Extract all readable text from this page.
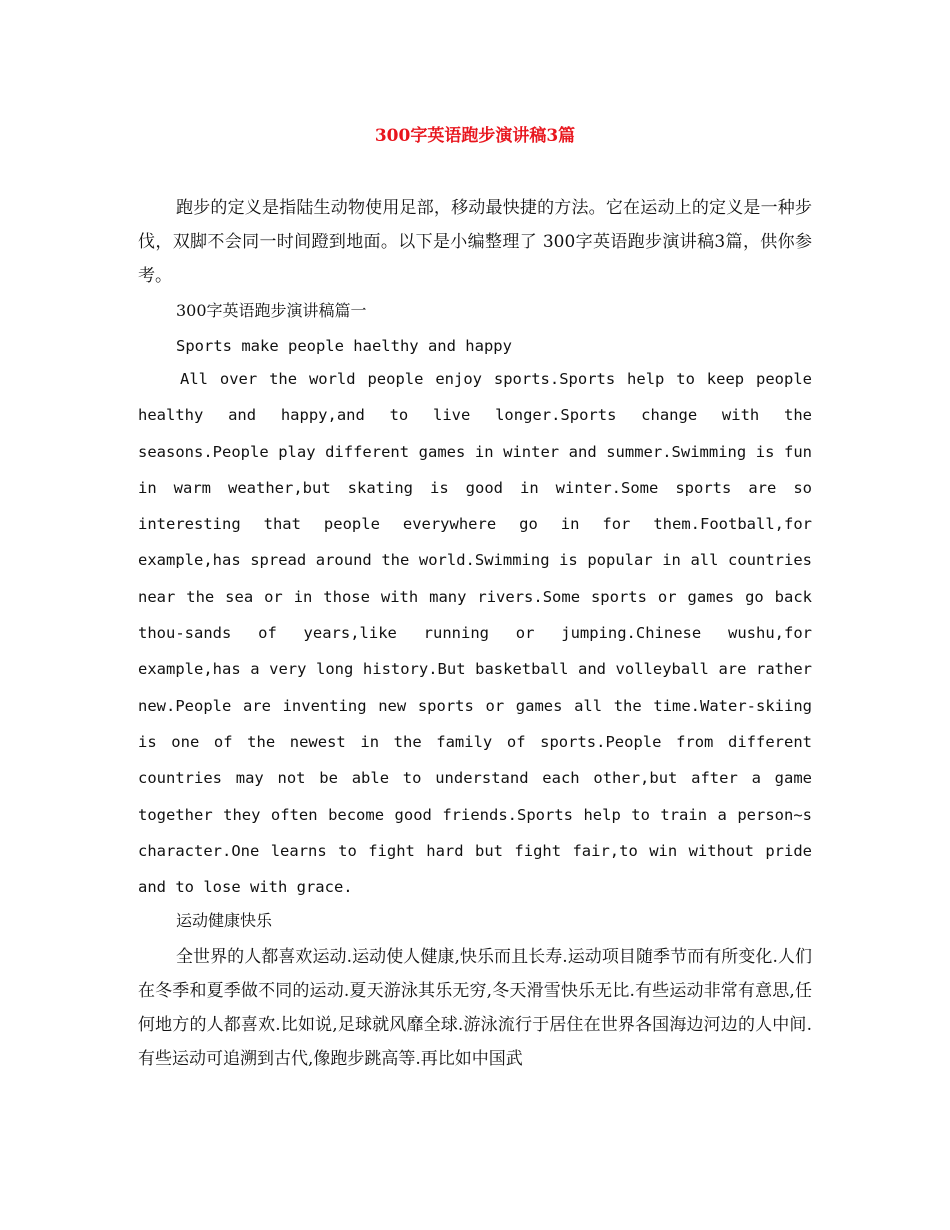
300字英语跑步演讲稿3篇

跑步的定义是指陆生动物使用足部，移动最快捷的方法。它在运动上的定义是一种步伐，双脚不会同一时间蹬到地面。以下是小编整理了 300字英语跑步演讲稿3篇，供你参考。

300字英语跑步演讲稿篇一
Sports make people haelthy and happy

All over the world people enjoy sports.Sports help to keep people healthy and happy,and to live longer.Sports change with the seasons.People play different games in winter and summer.Swimming is fun in warm weather,but skating is good in winter.Some sports are so interesting that people everywhere go in for them.Football,for example,has spread around the world.Swimming is popular in all countries near the sea or in those with many rivers.Some sports or games go back thou-sands of years,like running or jumping.Chinese wushu,for example,has a very long history.But basketball and volleyball are rather new.People are inventing new sports or games all the time.Water-skiing is one of the newest in the family of sports.People from different countries may not be able to understand each other,but after a game together they often become good friends.Sports help to train a person~s character.One learns to fight hard but fight fair,to win without pride and to lose with grace.

运动健康快乐

全世界的人都喜欢运动.运动使人健康,快乐而且长寿.运动项目随季节而有所变化.人们在冬季和夏季做不同的运动.夏天游泳其乐无穷,冬天滑雪快乐无比.有些运动非常有意思,任何地方的人都喜欢.比如说,足球就风靡全球.游泳流行于居住在世界各国海边河边的人中间.有些运动可追溯到古代,像跑步跳高等.再比如中国武
